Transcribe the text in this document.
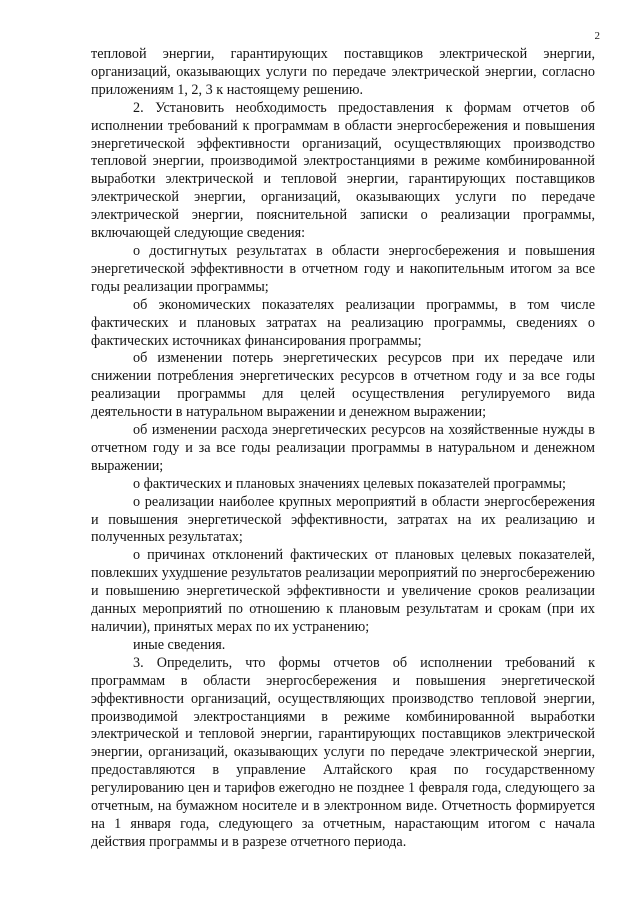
2

тепловой энергии, гарантирующих поставщиков электрической энергии, организаций, оказывающих услуги по передаче электрической энергии, согласно приложениям 1, 2, 3 к настоящему решению.

2. Установить необходимость предоставления к формам отчетов об исполнении требований к программам в области энергосбережения и повышения энергетической эффективности организаций, осуществляющих производство тепловой энергии, производимой электростанциями в режиме комбинированной выработки электрической и тепловой энергии, гарантирующих поставщиков электрической энергии, организаций, оказывающих услуги по передаче электрической энергии, пояснительной записки о реализации программы, включающей следующие сведения:

о достигнутых результатах в области энергосбережения и повышения энергетической эффективности в отчетном году и накопительным итогом за все годы реализации программы;

об экономических показателях реализации программы, в том числе фактических и плановых затратах на реализацию программы, сведениях о фактических источниках финансирования программы;

об изменении потерь энергетических ресурсов при их передаче или снижении потребления энергетических ресурсов в отчетном году и за все годы реализации программы для целей осуществления регулируемого вида деятельности в натуральном выражении и денежном выражении;

об изменении расхода энергетических ресурсов на хозяйственные нужды в отчетном году и за все годы реализации программы в натуральном и денежном выражении;

о фактических и плановых значениях целевых показателей программы;

о реализации наиболее крупных мероприятий в области энергосбережения и повышения энергетической эффективности, затратах на их реализацию и полученных результатах;

о причинах отклонений фактических от плановых целевых показателей, повлекших ухудшение результатов реализации мероприятий по энергосбережению и повышению энергетической эффективности и увеличение сроков реализации данных мероприятий по отношению к плановым результатам и срокам (при их наличии), принятых мерах по их устранению;

иные сведения.

3. Определить, что формы отчетов об исполнении требований к программам в области энергосбережения и повышения энергетической эффективности организаций, осуществляющих производство тепловой энергии, производимой электростанциями в режиме комбинированной выработки электрической и тепловой энергии, гарантирующих поставщиков электрической энергии, организаций, оказывающих услуги по передаче электрической энергии, предоставляются в управление Алтайского края по государственному регулированию цен и тарифов ежегодно не позднее 1 февраля года, следующего за отчетным, на бумажном носителе и в электронном виде. Отчетность формируется на 1 января года, следующего за отчетным, нарастающим итогом с начала действия программы и в разрезе отчетного периода.
